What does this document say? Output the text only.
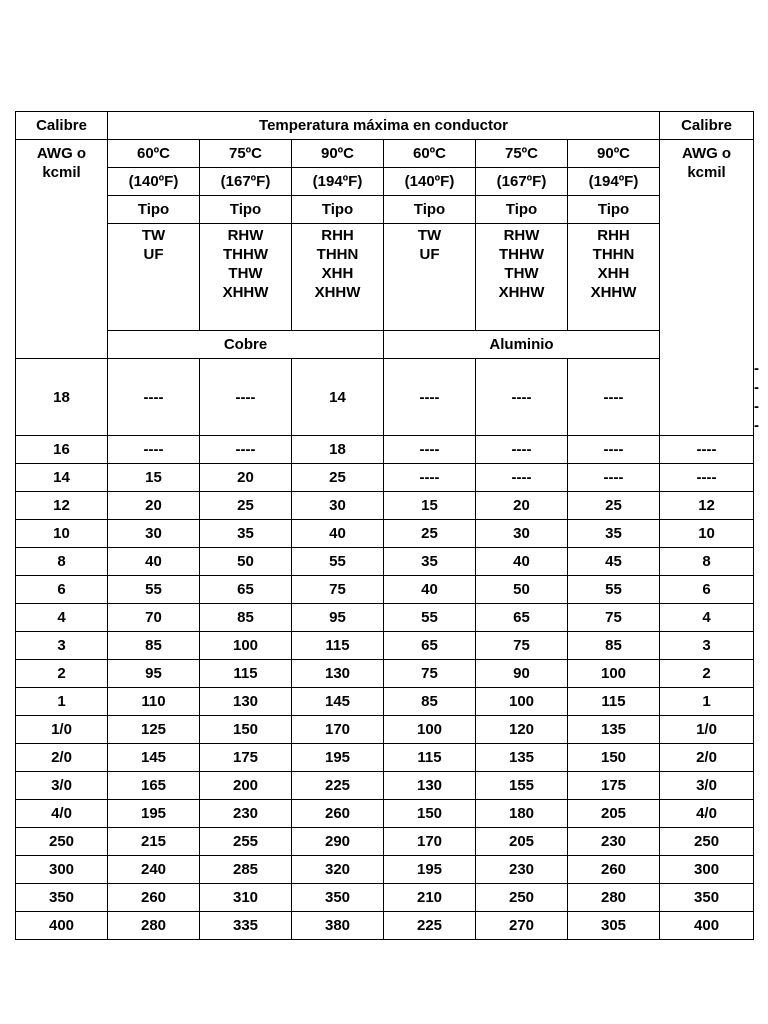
Calibre	Temperatura máxima en conductor						Calibre	
AWG o
kcmil	60ºC	75ºC	90ºC	60ºC	75ºC	90ºC	AWG o
kcmil	
	(140ºF)	(167ºF)	(194ºF)	(140ºF)	(167ºF)	(194ºF)		
	Tipo	Tipo	Tipo	Tipo	Tipo	Tipo		
	TW
UF	RHW
THHW
THW
XHHW	RHH
THHN
XHH
XHHW	TW
UF	RHW
THHW
THW
XHHW	RHH
THHN
XHH
XHHW		
	Cobre			Aluminio				
18	----	----	14	----	----	----		----
16	----	----	18	----	----	----	----	
14	15	20	25	----	----	----	----	
12	20	25	30	15	20	25	12	
10	30	35	40	25	30	35	10	
8	40	50	55	35	40	45	8	
6	55	65	75	40	50	55	6	
4	70	85	95	55	65	75	4	
3	85	100	115	65	75	85	3	
2	95	115	130	75	90	100	2	
1	110	130	145	85	100	115	1	
1/0	125	150	170	100	120	135	1/0	
2/0	145	175	195	115	135	150	2/0	
3/0	165	200	225	130	155	175	3/0	
4/0	195	230	260	150	180	205	4/0	
250	215	255	290	170	205	230	250	
300	240	285	320	195	230	260	300	
350	260	310	350	210	250	280	350	
400	280	335	380	225	270	305	400	
